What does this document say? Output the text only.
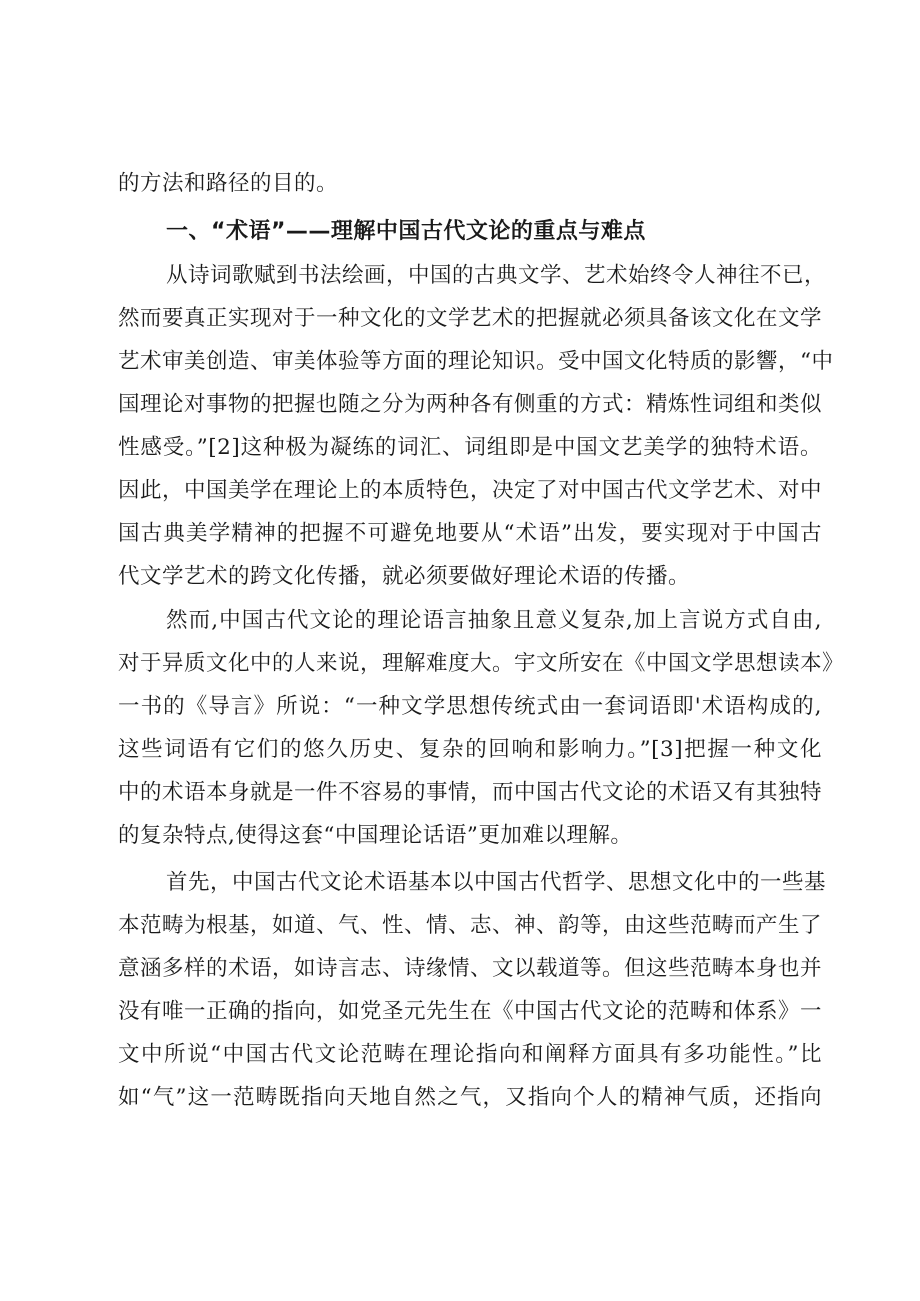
的方法和路径的目的。
一、“术语”——理解中国古代文论的重点与难点
从诗词歌赋到书法绘画，中国的古典文学、艺术始终令人神往不已，
然而要真正实现对于一种文化的文学艺术的把握就必须具备该文化在文学
艺术审美创造、审美体验等方面的理论知识。受中国文化特质的影響，“中
国理论对事物的把握也随之分为两种各有侧重的方式：精炼性词组和类似
性感受。”[2]这种极为凝练的词汇、词组即是中国文艺美学的独特术语。
因此，中国美学在理论上的本质特色，决定了对中国古代文学艺术、对中
国古典美学精神的把握不可避免地要从“术语”出发，要实现对于中国古
代文学艺术的跨文化传播，就必须要做好理论术语的传播。
然而,中国古代文论的理论语言抽象且意义复杂,加上言说方式自由,
对于异质文化中的人来说，理解难度大。宇文所安在《中国文学思想读本》
一书的《导言》所说：“一种文学思想传统式由一套词语即'术语构成的,
这些词语有它们的悠久历史、复杂的回响和影响力。”[3]把握一种文化
中的术语本身就是一件不容易的事情，而中国古代文论的术语又有其独特
的复杂特点,使得这套“中国理论话语”更加难以理解。
首先，中国古代文论术语基本以中国古代哲学、思想文化中的一些基
本范畴为根基，如道、气、性、情、志、神、韵等，由这些范畴而产生了
意涵多样的术语，如诗言志、诗缘情、文以载道等。但这些范畴本身也并
没有唯一正确的指向，如党圣元先生在《中国古代文论的范畴和体系》一
文中所说“中国古代文论范畴在理论指向和阐释方面具有多功能性。”比
如“气”这一范畴既指向天地自然之气，又指向个人的精神气质，还指向
